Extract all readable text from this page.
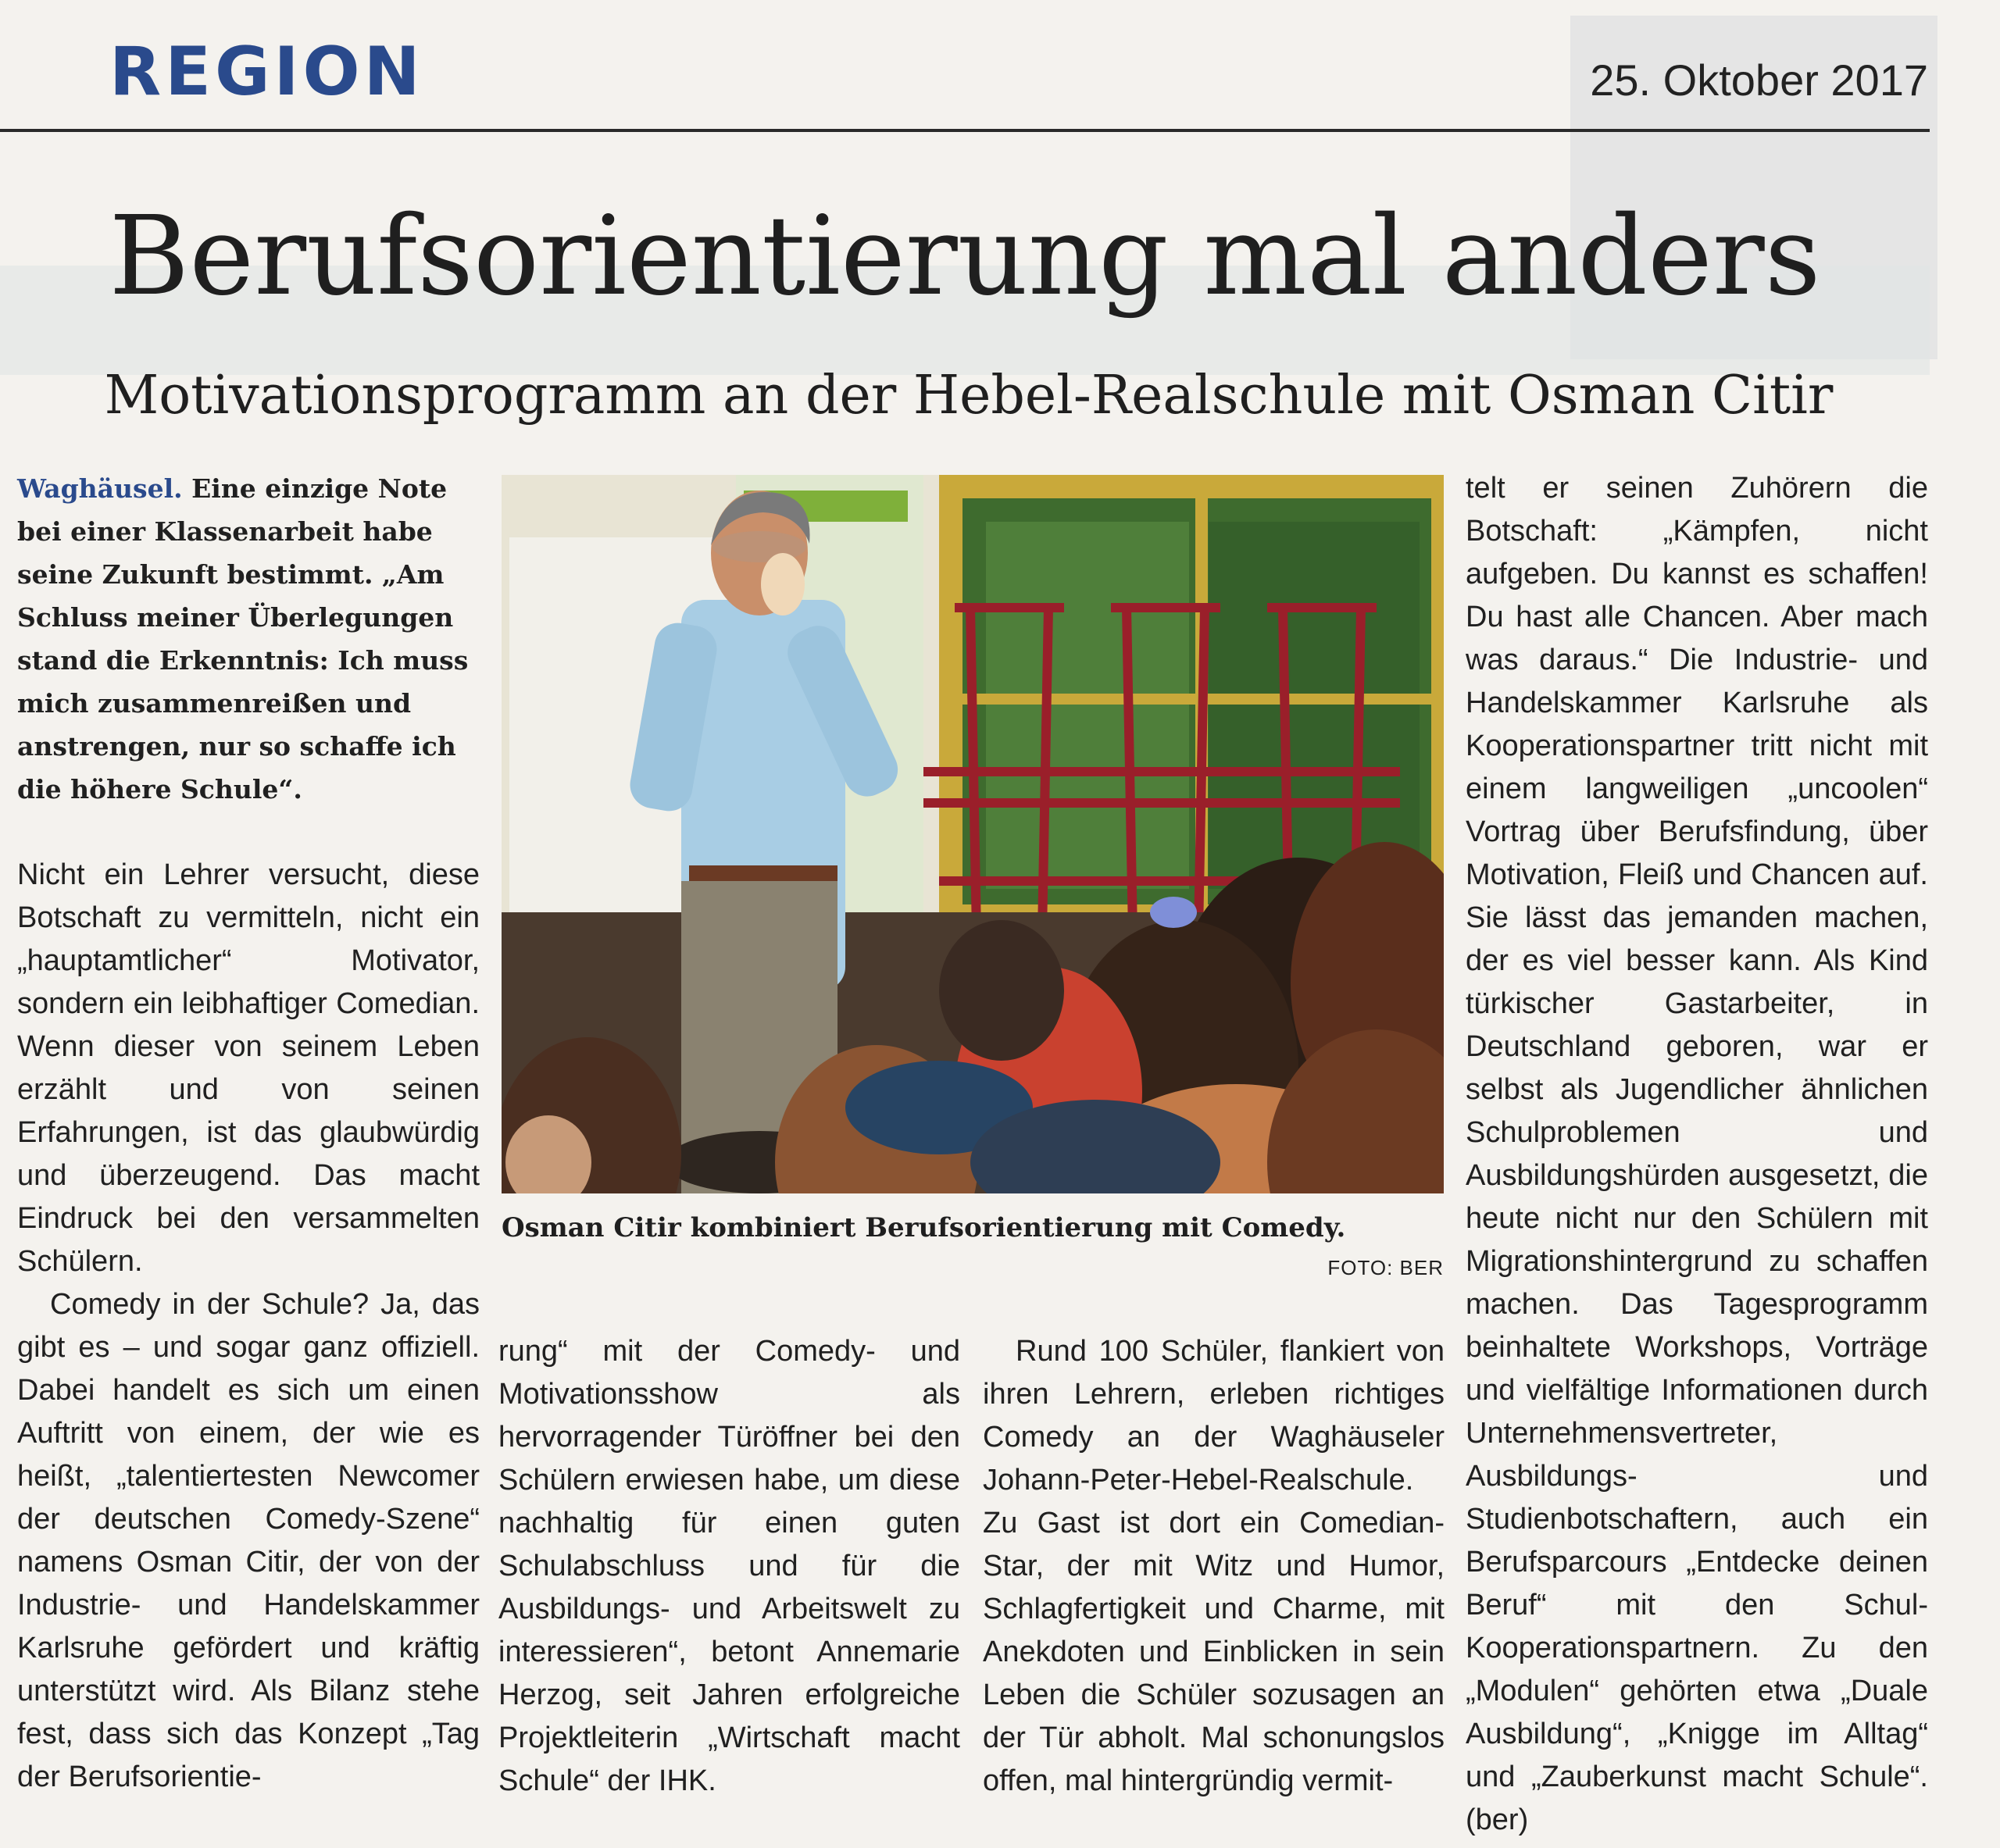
REGION	25. Oktober 2017
Berufsorientierung mal anders
Motivationsprogramm an der Hebel-Realschule mit Osman Citir

Waghäusel. Eine einzige Note bei einer Klassenarbeit habe seine Zukunft bestimmt. „Am Schluss meiner Überlegungen stand die Erkenntnis: Ich muss mich zusammenreißen und anstrengen, nur so schaffe ich die höhere Schule“.

Nicht ein Lehrer versucht, diese Botschaft zu vermitteln, nicht ein „hauptamtlicher“ Motivator, sondern ein leibhaftiger Comedian. Wenn dieser von seinem Leben erzählt und von seinen Erfahrungen, ist das glaubwürdig und überzeugend. Das macht Eindruck bei den versammelten Schülern.

Comedy in der Schule? Ja, das gibt es – und sogar ganz offiziell. Dabei handelt es sich um einen Auftritt von einem, der wie es heißt, „talentiertesten Newcomer der deutschen Comedy-Szene“ namens Osman Citir, der von der Industrie- und Handelskammer Karlsruhe gefördert und kräftig unterstützt wird. Als Bilanz stehe fest, dass sich das Konzept „Tag der Berufsorientie-

Osman Citir kombiniert Berufsorientierung mit Comedy.
FOTO: BER

rung“ mit der Comedy- und Motivationsshow als hervorragender Türöffner bei den Schülern erwiesen habe, um diese nachhaltig für einen guten Schulabschluss und für die Ausbildungs- und Arbeitswelt zu interessieren“, betont Annemarie Herzog, seit Jahren erfolgreiche Projektleiterin „Wirtschaft macht Schule“ der IHK.

Rund 100 Schüler, flankiert von ihren Lehrern, erleben richtiges Comedy an der Waghäuseler Johann-Peter-Hebel-Realschule. Zu Gast ist dort ein Comedian-Star, der mit Witz und Humor, Schlagfertigkeit und Charme, mit Anekdoten und Einblicken in sein Leben die Schüler sozusagen an der Tür abholt. Mal schonungslos offen, mal hintergründig vermit-

telt er seinen Zuhörern die Botschaft: „Kämpfen, nicht aufgeben. Du kannst es schaffen! Du hast alle Chancen. Aber mach was daraus.“ Die Industrie- und Handelskammer Karlsruhe als Kooperationspartner tritt nicht mit einem langweiligen „uncoolen“ Vortrag über Berufsfindung, über Motivation, Fleiß und Chancen auf. Sie lässt das jemanden machen, der es viel besser kann. Als Kind türkischer Gastarbeiter, in Deutschland geboren, war er selbst als Jugendlicher ähnlichen Schulproblemen und Ausbildungshürden ausgesetzt, die heute nicht nur den Schülern mit Migrationshintergrund zu schaffen machen. Das Tagesprogramm beinhaltete Workshops, Vorträge und vielfältige Informationen durch Unternehmensvertreter, Ausbildungs- und Studienbotschaftern, auch ein Berufsparcours „Entdecke deinen Beruf“ mit den Schul-Kooperationspartnern. Zu den „Modulen“ gehörten etwa „Duale Ausbildung“, „Knigge im Alltag“ und „Zauberkunst macht Schule“. (ber)
